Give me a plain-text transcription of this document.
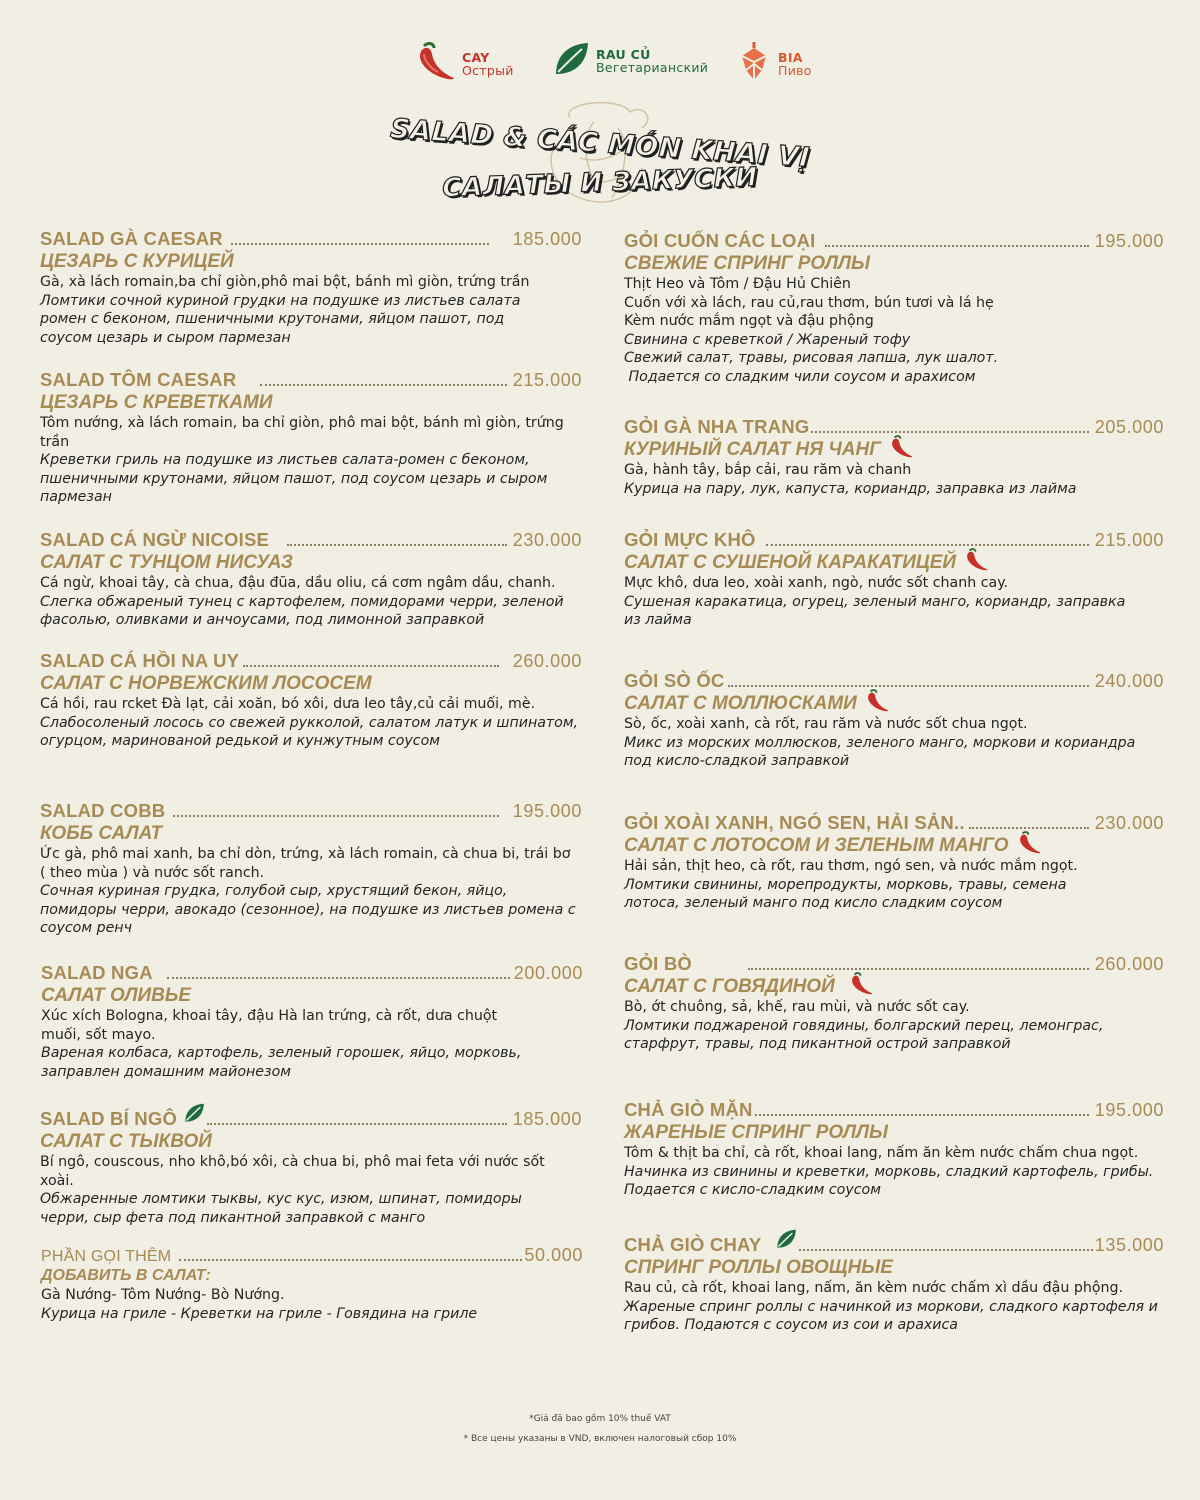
CAY
Острый
RAU CỦ
Вегетарианский
BIA
Пиво
SALAD & CÁC MÓN KHAI VỊ
САЛАТЫ И ЗАКУСКИ
SALAD GÀ CAESAR	185.000
ЦЕЗАРЬ С КУРИЦЕЙ
Gà, xà lách romain,ba chỉ giòn,phô mai bột, bánh mì giòn, trứng trần
Ломтики сочной куриной грудки на подушке из листьев салата ромен с беконом, пшеничными крутонами, яйцом пашот, под соусом цезарь и сыром пармезан
SALAD TÔM CAESAR	215.000
ЦЕЗАРЬ С КРЕВЕТКАМИ
Tôm nướng, xà lách romain, ba chỉ giòn, phô mai bột, bánh mì giòn, trứng trần
Креветки гриль на подушке из листьев салата-ромен с беконом, пшеничными крутонами, яйцом пашот, под соусом цезарь и сыром пармезан
SALAD CÁ NGỪ NICOISE	230.000
САЛАТ С ТУНЦОМ НИСУАЗ
Cá ngừ, khoai tây, cà chua, đậu đũa, dầu oliu, cá cơm ngâm dầu, chanh.
Слегка обжареный тунец с картофелем, помидорами черри, зеленой фасолью, оливками и анчоусами, под лимонной заправкой
SALAD CÁ HỒI NA UY	260.000
САЛАТ С НОРВЕЖСКИМ ЛОСОСЕМ
Cá hồi, rau rcket Đà lạt, cải xoăn, bó xôi, dưa leo tây,củ cải muối, mè.
Слабосоленый лосось со свежей рукколой, салатом латук и шпинатом, огурцом, маринованой редькой и кунжутным соусом
SALAD COBB	195.000
КОББ САЛАТ
Ức gà, phô mai xanh, ba chỉ dòn, trứng, xà lách romain, cà chua bi, trái bơ ( theo mùa ) và nước sốt ranch.
Сочная куриная грудка, голубой сыр, хрустящий бекон, яйцо, помидоры черри, авокадо (сезонное), на подушке из листьев ромена с соусом ренч
SALAD NGA	200.000
САЛАТ ОЛИВЬЕ
Xúc xích Bologna, khoai tây, đậu Hà lan trứng, cà rốt, dưa chuột muối, sốt mayo.
Вареная колбаса, картофель, зеленый горошек, яйцо, морковь, заправлен домашним майонезом
SALAD BÍ NGÔ	185.000
САЛАТ С ТЫКВОЙ
Bí ngô, couscous, nho khô,bó xôi, cà chua bi, phô mai feta với nước sốt xoài.
Обжаренные ломтики тыквы, кус кус, изюм, шпинат, помидоры черри, сыр фета под пикантной заправкой с манго
PHẦN GỌI THÊM	50.000
ДОБАВИТЬ В САЛАТ:
Gà Nướng- Tôm Nướng- Bò Nướng.
Курица на гриле - Креветки на гриле - Говядина на гриле
GỎI CUỐN CÁC LOẠI	195.000
СВЕЖИЕ СПРИНГ РОЛЛЫ
Thịt Heo và Tôm / Đậu Hủ Chiên
Cuốn với xà lách, rau củ,rau thơm, bún tươi và lá hẹ
Kèm nước mắm ngọt và đậu phộng
Свинина с креветкой / Жареный тофу
Свежий салат, травы, рисовая лапша, лук шалот.
Подается со сладким чили соусом и арахисом
GỎI GÀ NHA TRANG	205.000
КУРИНЫЙ САЛАТ НЯ ЧАНГ
Gà, hành tây, bắp cải, rau răm và chanh
Курица на пару, лук, капуста, кориандр, заправка из лайма
GỎI MỰC KHÔ	215.000
САЛАТ С СУШЕНОЙ КАРАКАТИЦЕЙ
Mực khô, dưa leo, xoài xanh, ngò, nước sốt chanh cay.
Сушеная каракатица, огурец, зеленый манго, кориандр, заправка из лайма
GỎI SÒ ỐC	240.000
САЛАТ С МОЛЛЮСКАМИ
Sò, ốc, xoài xanh, cà rốt, rau răm và nước sốt chua ngọt.
Микс из морских моллюсков, зеленого манго, моркови и кориандра под кисло-сладкой заправкой
GỎI XOÀI XANH, NGÓ SEN, HẢI SẢN..	230.000
САЛАТ С ЛОТОСОМ И ЗЕЛЕНЫМ МАНГО
Hải sản, thịt heo, cà rốt, rau thơm, ngó sen, và nước mắm ngọt.
Ломтики свинины, морепродукты, морковь, травы, семена лотоса, зеленый манго под кисло сладким соусом
GỎI BÒ	260.000
САЛАТ С ГОВЯДИНОЙ
Bò, ớt chuông, sả, khế, rau mùi, và nước sốt cay.
Ломтики поджареной говядины, болгарский перец, лемонграс, старфрут, травы, под пикантной острой заправкой
CHẢ GIÒ MẶN	195.000
ЖАРЕНЫЕ СПРИНГ РОЛЛЫ
Tôm & thịt ba chỉ, cà rốt, khoai lang, nấm ăn kèm nước chấm chua ngọt.
Начинка из свинины и креветки, морковь, сладкий картофель, грибы. Подается с кисло-сладким соусом
CHẢ GIÒ CHAY	135.000
СПРИНГ РОЛЛЫ ОВОЩНЫЕ
Rau củ, cà rốt, khoai lang, nấm, ăn kèm nước chấm xì dầu đậu phộng.
Жареные спринг роллы с начинкой из моркови, сладкого картофеля и грибов. Подаются с соусом из сои и арахиса
*Giá đã bao gồm 10% thuế VAT
* Все цены указаны в VND, включен налоговый сбор 10%
